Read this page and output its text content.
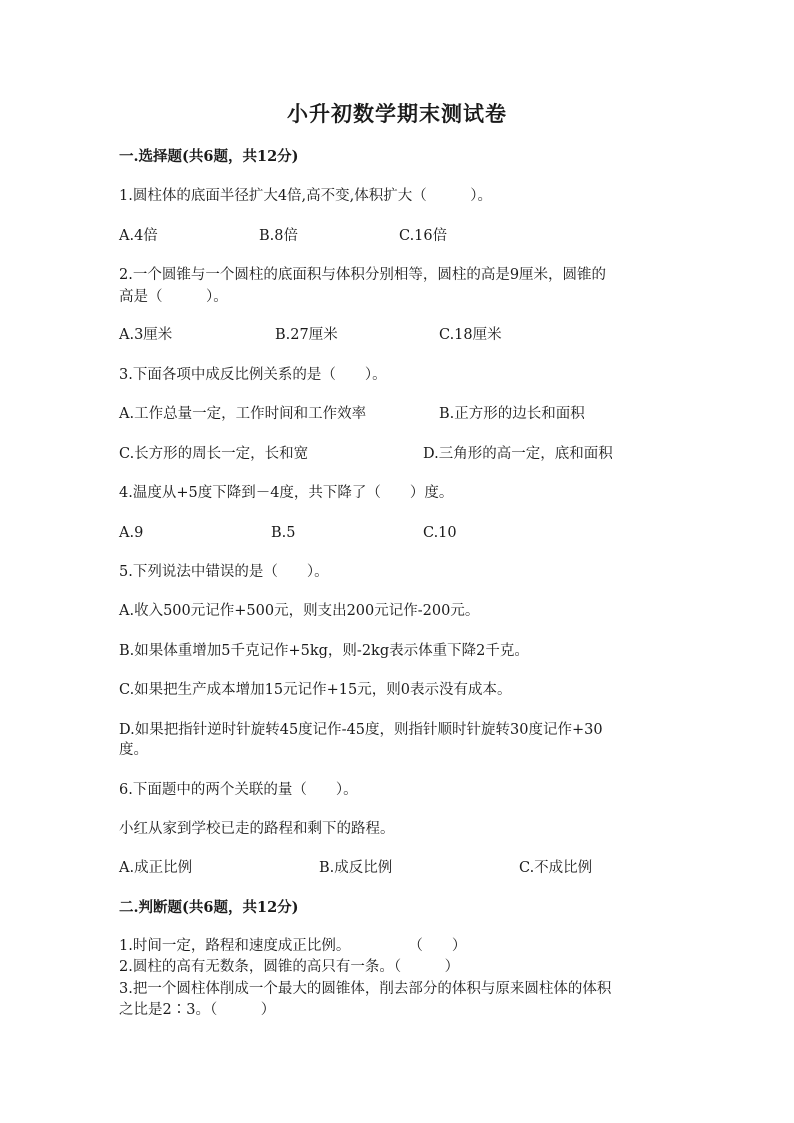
小升初数学期末测试卷
一.选择题(共6题，共12分)
1.圆柱体的底面半径扩大4倍,高不变,体积扩大（　　　）。
A.4倍	B.8倍	C.16倍
2.一个圆锥与一个圆柱的底面积与体积分别相等，圆柱的高是9厘米，圆锥的
高是（　　　）。
A.3厘米	B.27厘米	C.18厘米
3.下面各项中成反比例关系的是（　　）。
A.工作总量一定，工作时间和工作效率	B.正方形的边长和面积
C.长方形的周长一定，长和宽	D.三角形的高一定，底和面积
4.温度从+5度下降到－4度，共下降了（　　）度。
A.9	B.5	C.10
5.下列说法中错误的是（　　）。
A.收入500元记作+500元，则支出200元记作-200元。
B.如果体重增加5千克记作+5kg，则-2kg表示体重下降2千克。
C.如果把生产成本增加15元记作+15元，则0表示没有成本。
D.如果把指针逆时针旋转45度记作-45度，则指针顺时针旋转30度记作+30
度。
6.下面题中的两个关联的量（　　）。
小红从家到学校已走的路程和剩下的路程。
A.成正比例	B.成反比例	C.不成比例
二.判断题(共6题，共12分)
1.时间一定，路程和速度成正比例。　　　　　（　　）
2.圆柱的高有无数条，圆锥的高只有一条。（　　　）
3.把一个圆柱体削成一个最大的圆锥体，削去部分的体积与原来圆柱体的体积
之比是2∶3。（　　　）
